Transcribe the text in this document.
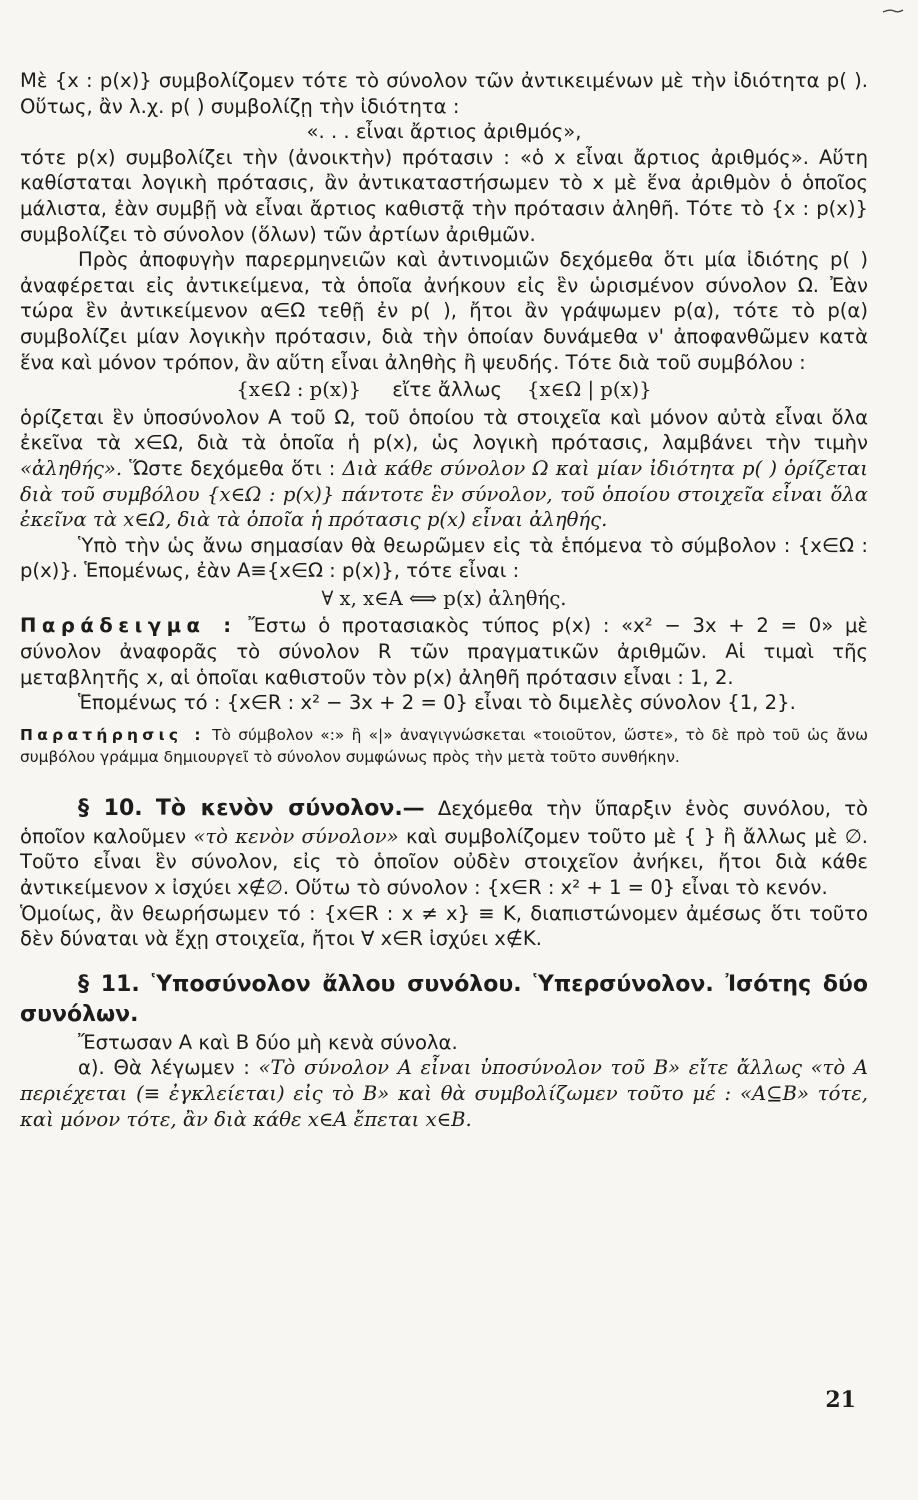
Μὲ {x : p(x)} συμβολίζομεν τότε τὸ σύνολον τῶν ἀντικειμένων μὲ τὴν ἰδιότητα p( ). Οὕτως, ἂν λ.χ. p( ) συμβολίζῃ τὴν ἰδιότητα :

«. . . εἶναι ἄρτιος ἀριθμός»,

τότε p(x) συμβολίζει τὴν (ἀνοικτὴν) πρότασιν : «ὁ x εἶναι ἄρτιος ἀριθμός». Αὕτη καθίσταται λογικὴ πρότασις, ἂν ἀντικαταστήσωμεν τὸ x μὲ ἕνα ἀριθμὸν ὁ ὁποῖος μάλιστα, ἐὰν συμβῇ νὰ εἶναι ἄρτιος καθιστᾷ τὴν πρότασιν ἀληθῆ. Τότε τὸ {x : p(x)} συμβολίζει τὸ σύνολον (ὅλων) τῶν ἀρτίων ἀριθμῶν.

Πρὸς ἀποφυγὴν παρερμηνειῶν καὶ ἀντινομιῶν δεχόμεθα ὅτι μία ἰδιότης p( ) ἀναφέρεται εἰς ἀντικείμενα, τὰ ὁποῖα ἀνήκουν εἰς ἓν ὡρισμένον σύνολον Ω. Ἐὰν τώρα ἓν ἀντικείμενον α∈Ω τεθῇ ἐν p( ), ἤτοι ἂν γράψωμεν p(α), τότε τὸ p(α) συμβολίζει μίαν λογικὴν πρότασιν, διὰ τὴν ὁποίαν δυνάμεθα ν' ἀποφανθῶμεν κατὰ ἕνα καὶ μόνον τρόπον, ἂν αὕτη εἶναι ἀληθὴς ἢ ψευδής. Τότε διὰ τοῦ συμβόλου :

{x∈Ω : p(x)} εἴτε ἄλλως {x∈Ω | p(x)}

ὁρίζεται ἓν ὑποσύνολον Α τοῦ Ω, τοῦ ὁποίου τὰ στοιχεῖα καὶ μόνον αὐτὰ εἶναι ὅλα ἐκεῖνα τὰ x∈Ω, διὰ τὰ ὁποῖα ἡ p(x), ὡς λογικὴ πρότασις, λαμβάνει τὴν τιμὴν «ἀληθής». Ὥστε δεχόμεθα ὅτι : Διὰ κάθε σύνολον Ω καὶ μίαν ἰδιότητα p( ) ὁρίζεται διὰ τοῦ συμβόλου {x∈Ω : p(x)} πάντοτε ἓν σύνολον, τοῦ ὁποίου στοιχεῖα εἶναι ὅλα ἐκεῖνα τὰ x∈Ω, διὰ τὰ ὁποῖα ἡ πρότασις p(x) εἶναι ἀληθής.

Ὑπὸ τὴν ὡς ἄνω σημασίαν θὰ θεωρῶμεν εἰς τὰ ἑπόμενα τὸ σύμβολον : {x∈Ω : p(x)}. Ἑπομένως, ἐὰν Α≡{x∈Ω : p(x)}, τότε εἶναι :

∀ x, x∈Α ⟺ p(x) ἀληθής.

Παράδειγμα : Ἔστω ὁ προτασιακὸς τύπος p(x) : «x² − 3x + 2 = 0» μὲ σύνολον ἀναφορᾶς τὸ σύνολον R τῶν πραγματικῶν ἀριθμῶν. Αἱ τιμαὶ τῆς μεταβλητῆς x, αἱ ὁποῖαι καθιστοῦν τὸν p(x) ἀληθῆ πρότασιν εἶναι : 1, 2.

Ἑπομένως τό : {x∈R : x² − 3x + 2 = 0} εἶναι τὸ διμελὲς σύνολον {1, 2}.

Παρατήρησις : Τὸ σύμβολον «:» ἢ «|» ἀναγιγνώσκεται «τοιοῦτον, ὥστε», τὸ δὲ πρὸ τοῦ ὡς ἄνω συμβόλου γράμμα δημιουργεῖ τὸ σύνολον συμφώνως πρὸς τὴν μετὰ τοῦτο συνθήκην.

§ 10. Τὸ κενὸν σύνολον.— Δεχόμεθα τὴν ὕπαρξιν ἑνὸς συνόλου, τὸ ὁποῖον καλοῦμεν «τὸ κενὸν σύνολον» καὶ συμβολίζομεν τοῦτο μὲ { } ἢ ἄλλως μὲ ∅. Τοῦτο εἶναι ἓν σύνολον, εἰς τὸ ὁποῖον οὐδὲν στοιχεῖον ἀνήκει, ἤτοι διὰ κάθε ἀντικείμενον x ἰσχύει x∉∅. Οὕτω τὸ σύνολον : {x∈R : x² + 1 = 0} εἶναι τὸ κενόν.

Ὁμοίως, ἂν θεωρήσωμεν τό : {x∈R : x ≠ x} ≡ Κ, διαπιστώνομεν ἀμέσως ὅτι τοῦτο δὲν δύναται νὰ ἔχῃ στοιχεῖα, ἤτοι ∀ x∈R ἰσχύει x∉Κ.

§ 11. Ὑποσύνολον ἄλλου συνόλου. Ὑπερσύνολον. Ἰσότης δύο συνόλων.

Ἔστωσαν Α καὶ Β δύο μὴ κενὰ σύνολα.

α). Θὰ λέγωμεν : «Τὸ σύνολον Α εἶναι ὑποσύνολον τοῦ Β» εἴτε ἄλλως «τὸ Α περιέχεται (≡ ἐγκλείεται) εἰς τὸ Β» καὶ θὰ συμβολίζωμεν τοῦτο μέ : «Α⊆Β» τότε, καὶ μόνον τότε, ἂν διὰ κάθε x∈Α ἔπεται x∈Β.

21
